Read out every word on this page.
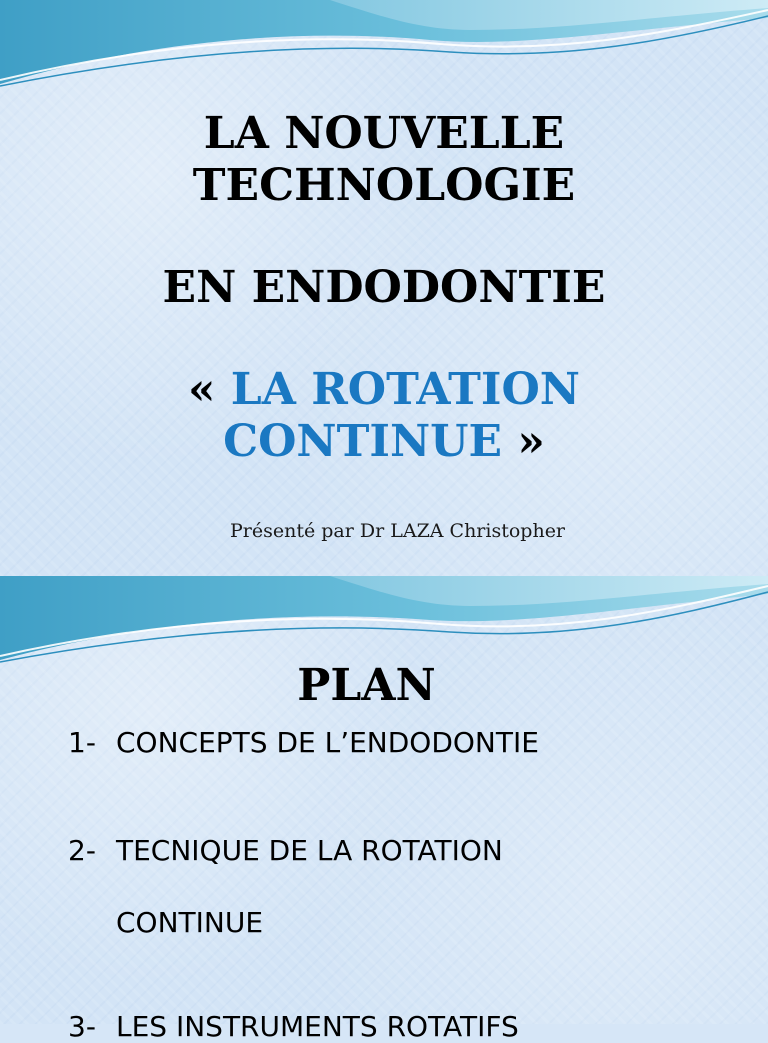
LA NOUVELLE
TECHNOLOGIE
EN ENDODONTIE
« LA ROTATION
CONTINUE »
Présenté par Dr LAZA Christopher
PLAN
1- CONCEPTS DE L’ENDODONTIE
2- TECNIQUE DE LA ROTATION
CONTINUE
3- LES INSTRUMENTS ROTATIFS
